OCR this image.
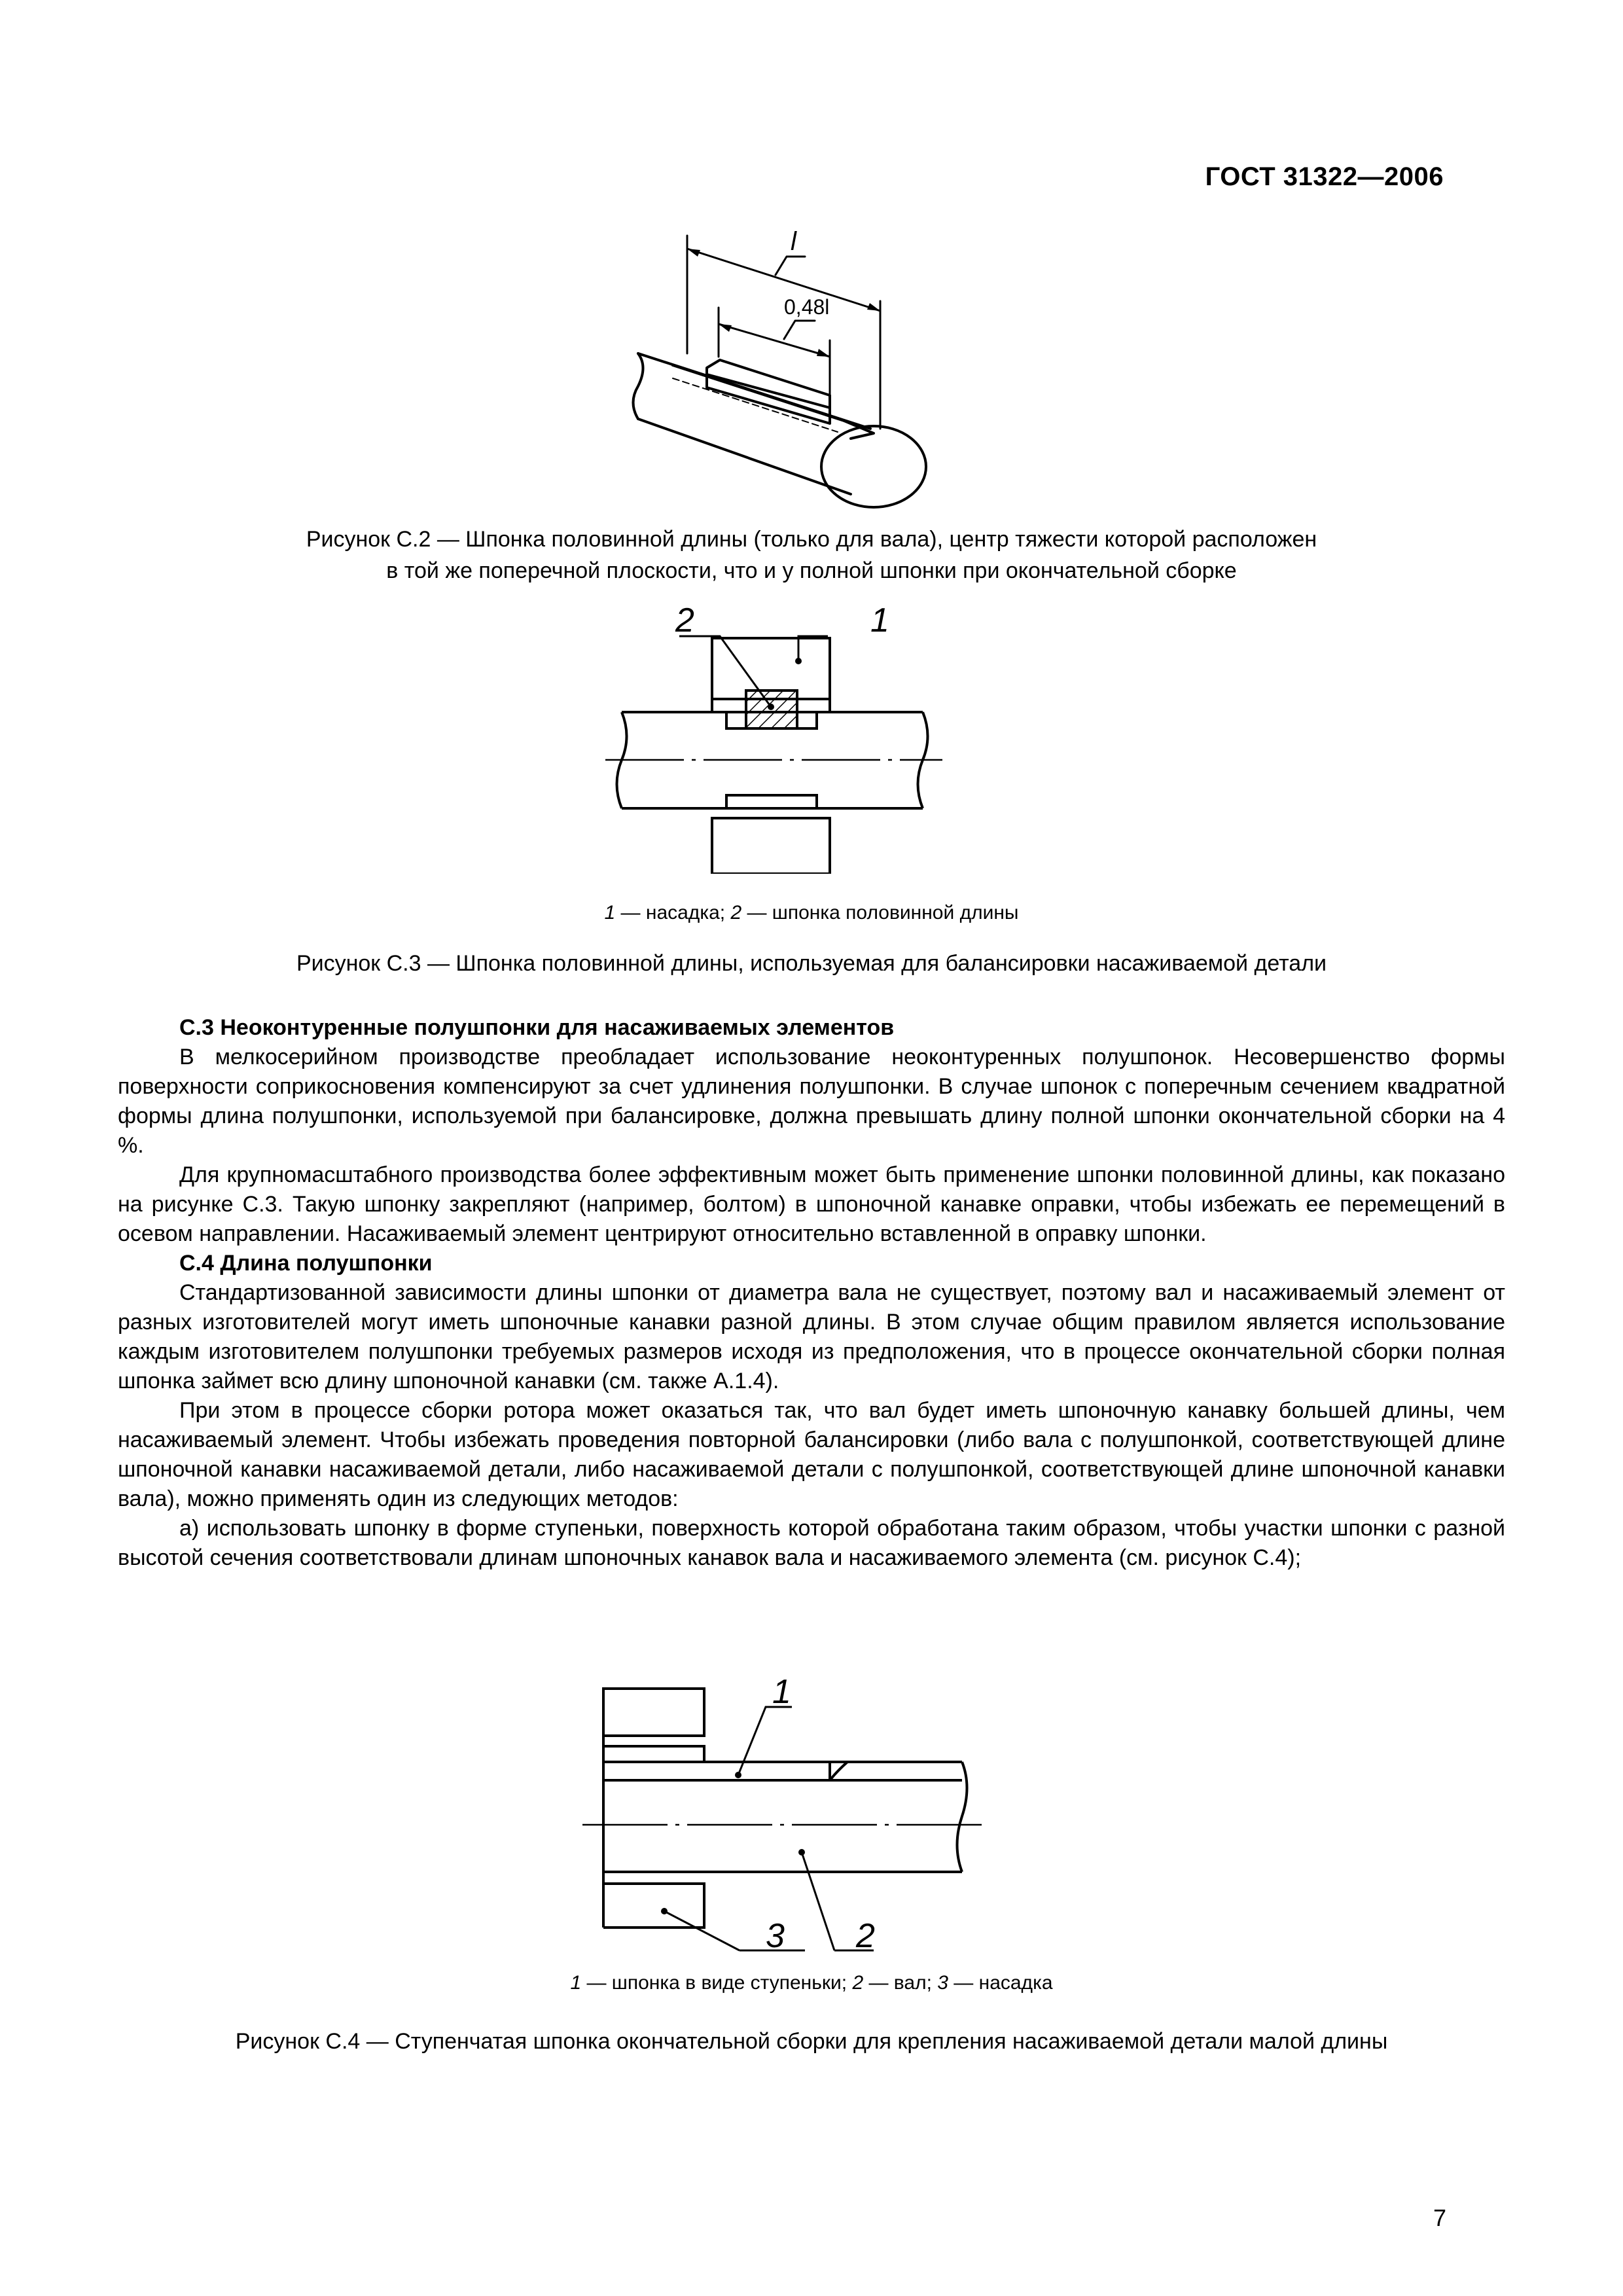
ГОСТ 31322—2006
l
0,48l
Рисунок С.2 — Шпонка половинной длины (только для вала), центр тяжести которой расположен
в той же поперечной плоскости, что и у полной шпонки при окончательной сборке
2	1
1 — насадка; 2 — шпонка половинной длины
Рисунок С.3 — Шпонка половинной длины, используемая для балансировки насаживаемой детали

С.3 Неоконтуренные полушпонки для насаживаемых элементов

В мелкосерийном производстве преобладает использование неоконтуренных полушпонок. Несовершенство формы поверхности соприкосновения компенсируют за счет удлинения полушпонки. В случае шпонок с поперечным сечением квадратной формы длина полушпонки, используемой при балансировке, должна превышать длину полной шпонки окончательной сборки на 4 %.

Для крупномасштабного производства более эффективным может быть применение шпонки половинной длины, как показано на рисунке С.3. Такую шпонку закрепляют (например, болтом) в шпоночной канавке оправки, чтобы избежать ее перемещений в осевом направлении. Насаживаемый элемент центрируют относительно вставленной в оправку шпонки.

С.4 Длина полушпонки

Стандартизованной зависимости длины шпонки от диаметра вала не существует, поэтому вал и насаживаемый элемент от разных изготовителей могут иметь шпоночные канавки разной длины. В этом случае общим правилом является использование каждым изготовителем полушпонки требуемых размеров исходя из предположения, что в процессе окончательной сборки полная шпонка займет всю длину шпоночной канавки (см. также А.1.4).

При этом в процессе сборки ротора может оказаться так, что вал будет иметь шпоночную канавку большей длины, чем насаживаемый элемент. Чтобы избежать проведения повторной балансировки (либо вала с полушпонкой, соответствующей длине шпоночной канавки насаживаемой детали, либо насаживаемой детали с полушпонкой, соответствующей длине шпоночной канавки вала), можно применять один из следующих методов:

а) использовать шпонку в форме ступеньки, поверхность которой обработана таким образом, чтобы участки шпонки с разной высотой сечения соответствовали длинам шпоночных канавок вала и насаживаемого элемента (см. рисунок С.4);

1
3 2
1 — шпонка в виде ступеньки; 2 — вал; 3 — насадка
Рисунок С.4 — Ступенчатая шпонка окончательной сборки для крепления насаживаемой детали малой длины
7
